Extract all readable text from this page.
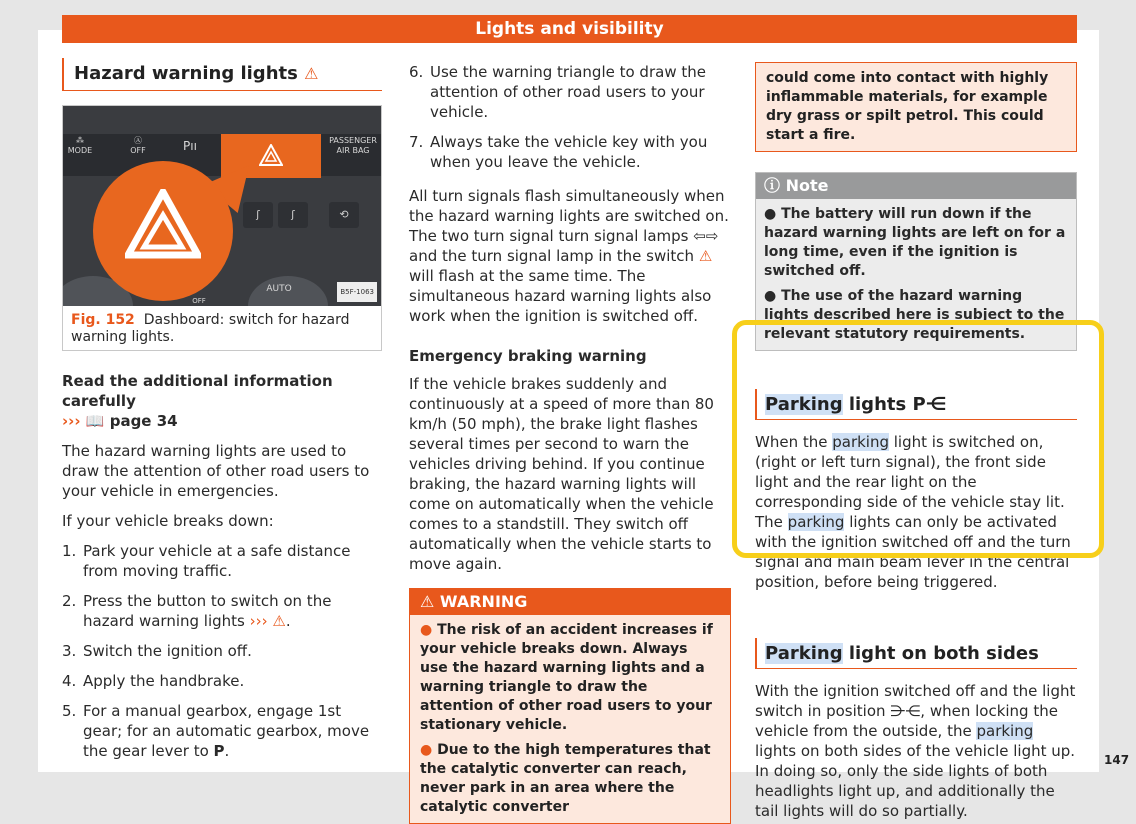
Lights and visibility
Hazard warning lights ⚠
⁂
MODE
Ⓐ
OFF	Pıı	PASSENGER AIR BAG
ʃ	ʃ	⟲
AUTO
OFF
B5F-1063
Fig. 152 Dashboard: switch for hazard warning lights.

Read the additional information carefully

››› 📖 page 34

The hazard warning lights are used to draw the attention of other road users to your vehicle in emergencies.

If your vehicle breaks down:

1. Park your vehicle at a safe distance from moving traffic.
2. Press the button to switch on the hazard warning lights ››› ⚠.
3. Switch the ignition off.
4. Apply the handbrake.
5. For a manual gearbox, engage 1st gear; for an automatic gearbox, move the gear lever to P.
6. Use the warning triangle to draw the attention of other road users to your vehicle.
7. Always take the vehicle key with you when you leave the vehicle.

All turn signals flash simultaneously when the hazard warning lights are switched on. The two turn signal turn signal lamps ⇦⇨ and the turn signal lamp in the switch ⚠ will flash at the same time. The simultaneous hazard warning lights also work when the ignition is switched off.

Emergency braking warning

If the vehicle brakes suddenly and continuously at a speed of more than 80 km/h (50 mph), the brake light flashes several times per second to warn the vehicles driving behind. If you continue braking, the hazard warning lights will come on automatically when the vehicle comes to a standstill. They switch off automatically when the vehicle starts to move again.

⚠ WARNING
● The risk of an accident increases if your vehicle breaks down. Always use the hazard warning lights and a warning triangle to draw the attention of other road users to your stationary vehicle.
● Due to the high temperatures that the catalytic converter can reach, never park in an area where the catalytic converter
could come into contact with highly inflammable materials, for example dry grass or spilt petrol. This could start a fire.
ⓘ Note
● The battery will run down if the hazard warning lights are left on for a long time, even if the ignition is switched off.
● The use of the hazard warning lights described here is subject to the relevant statutory requirements.
Parking lights P⋲

When the parking light is switched on, (right or left turn signal), the front side light and the rear light on the corresponding side of the vehicle stay lit. The parking lights can only be activated with the ignition switched off and the turn signal and main beam lever in the central position, before being triggered.

Parking light on both sides

With the ignition switched off and the light switch in position ⋺⋲, when locking the vehicle from the outside, the parking lights on both sides of the vehicle light up. In doing so, only the side lights of both headlights light up, and additionally the tail lights will do so partially.

147
